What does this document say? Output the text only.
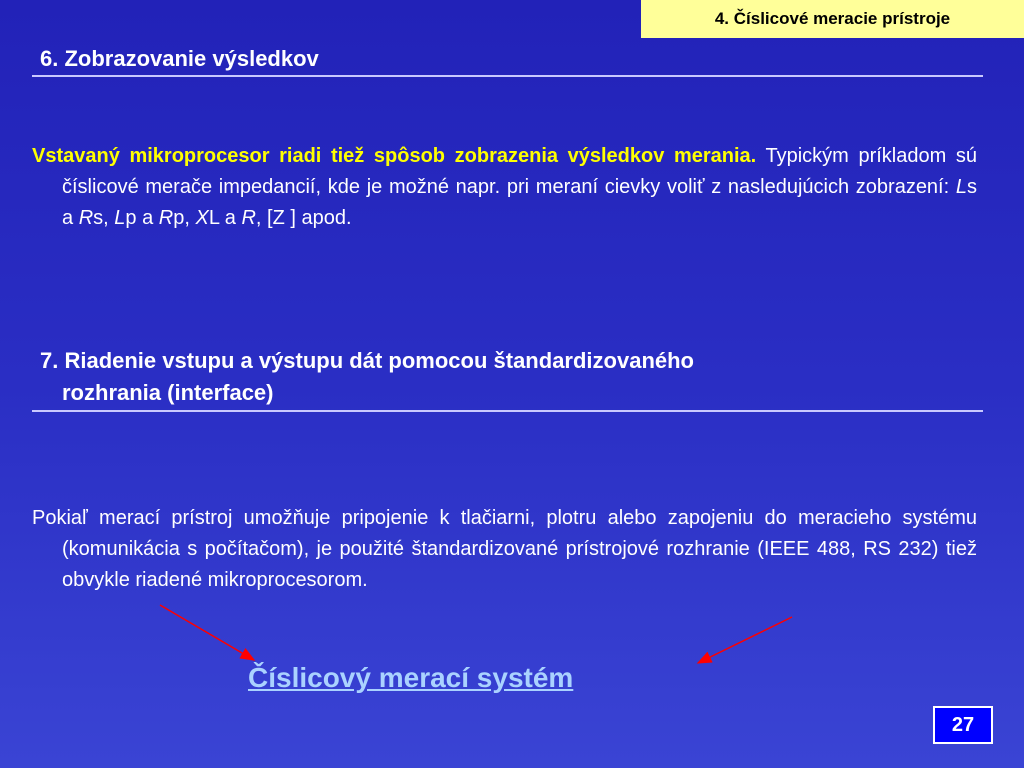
4. Číslicové meracie prístroje
6. Zobrazovanie výsledkov
Vstavaný mikroprocesor riadi tiež spôsob zobrazenia výsledkov merania. Typickým príkladom sú číslicové merače impedancií, kde je možné napr. pri meraní cievky voliť z nasledujúcich zobrazení: Ls a Rs, Lp a Rp, XL a R, [Z ] apod.
7. Riadenie vstupu a výstupu dát pomocou štandardizovaného
rozhrania (interface)
Pokiaľ merací prístroj umožňuje pripojenie k tlačiarni, plotru alebo zapojeniu do meracieho systému (komunikácia s počítačom), je použité štandardizované prístrojové rozhranie (IEEE 488, RS 232) tiež obvykle riadené mikroprocesorom.
Číslicový merací systém
27
